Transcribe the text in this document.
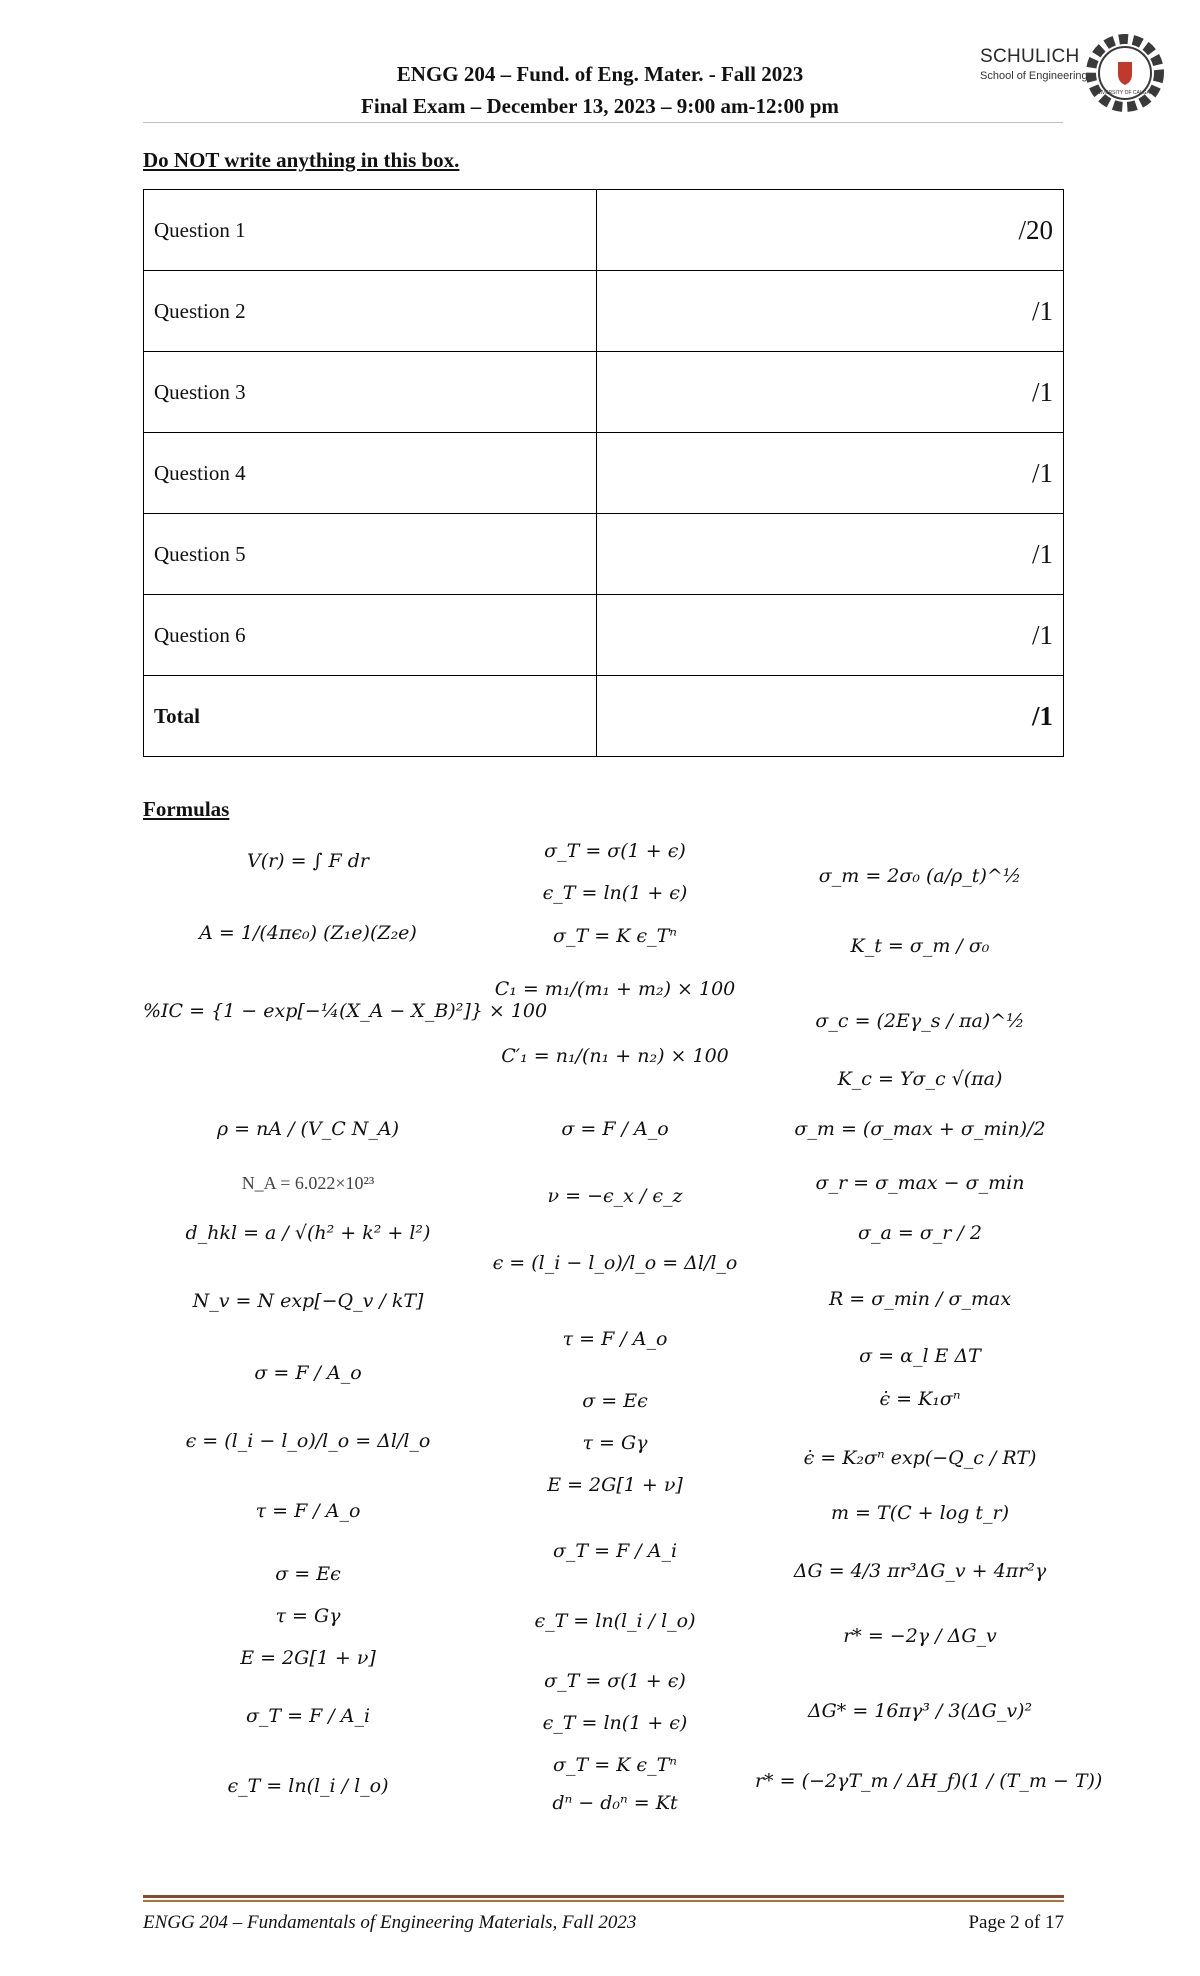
ENGG 204 – Fund. of Eng. Mater. - Fall 2023
Final Exam – December 13, 2023 – 9:00 am-12:00 pm
SCHULICH
School of Engineering
UNIVERSITY OF CALGARY
Do NOT write anything in this box.
Question 1	/20
Question 2	/1
Question 3	/1
Question 4	/1
Question 5	/1
Question 6	/1
Total	/1
Formulas
V(r) = ∫ F dr
A = 1/(4πϵ₀) (Z₁e)(Z₂e)
%IC = {1 − exp[−¼(X_A − X_B)²]} × 100
ρ = nA / (V_C N_A)
N_A = 6.022×10²³
d_hkl = a / √(h² + k² + l²)
N_v = N exp[−Q_v / kT]
σ = F / A_o
ϵ = (l_i − l_o)/l_o = Δl/l_o
τ = F / A_o
σ = Eϵ
τ = Gγ
E = 2G[1 + ν]
σ_T = F / A_i
ϵ_T = ln(l_i / l_o)
σ_T = σ(1 + ϵ)
ϵ_T = ln(1 + ϵ)
σ_T = K ϵ_Tⁿ
C₁ = m₁/(m₁ + m₂) × 100
C′₁ = n₁/(n₁ + n₂) × 100
σ = F / A_o
ν = −ϵ_x / ϵ_z
ϵ = (l_i − l_o)/l_o = Δl/l_o
τ = F / A_o
σ = Eϵ
τ = Gγ
E = 2G[1 + ν]
σ_T = F / A_i
ϵ_T = ln(l_i / l_o)
σ_T = σ(1 + ϵ)
ϵ_T = ln(1 + ϵ)
σ_T = K ϵ_Tⁿ
dⁿ − d₀ⁿ = Kt
σ_m = 2σ₀ (a/ρ_t)^½
K_t = σ_m / σ₀
σ_c = (2Eγ_s / πa)^½
K_c = Yσ_c √(πa)
σ_m = (σ_max + σ_min)/2
σ_r = σ_max − σ_min
σ_a = σ_r / 2
R = σ_min / σ_max
σ = α_l E ΔT
ϵ̇ = K₁σⁿ
ϵ̇ = K₂σⁿ exp(−Q_c / RT)
m = T(C + log t_r)
ΔG = 4/3 πr³ΔG_v + 4πr²γ
r* = −2γ / ΔG_v
ΔG* = 16πγ³ / 3(ΔG_v)²
r* = (−2γT_m / ΔH_f)(1 / (T_m − T))
ENGG 204 – Fundamentals of Engineering Materials, Fall 2023	Page 2 of 17
